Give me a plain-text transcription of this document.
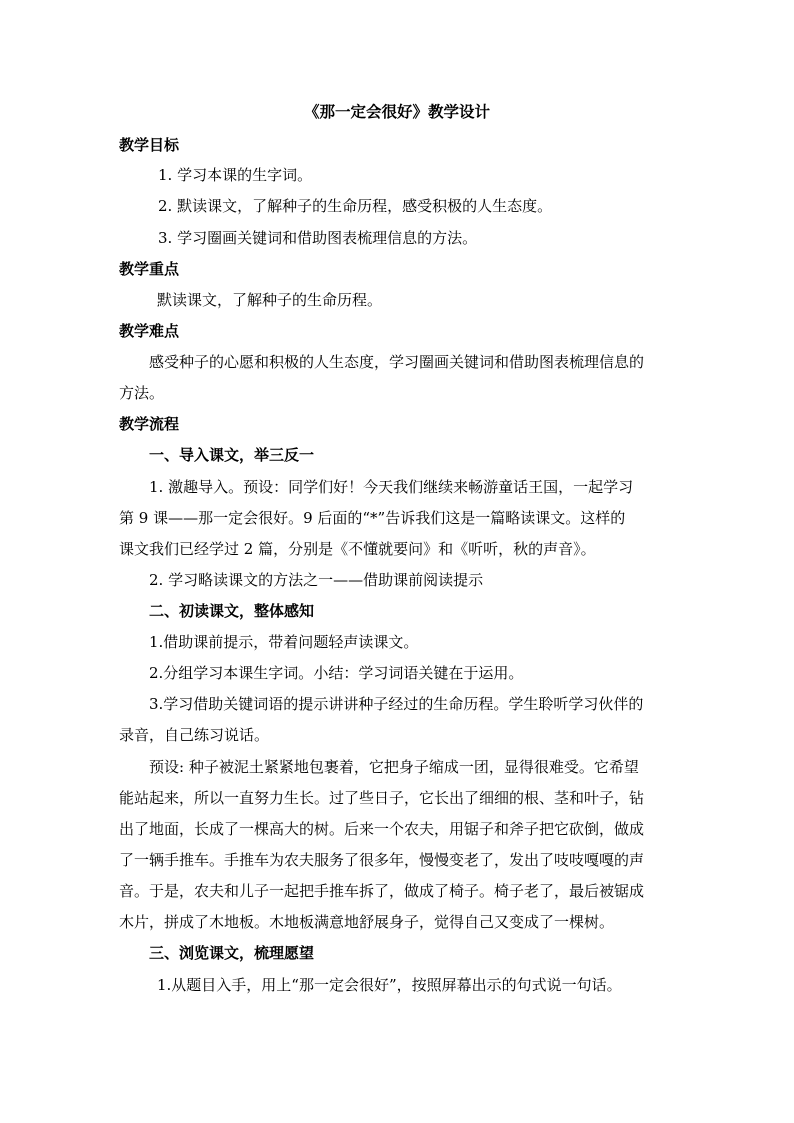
《那一定会很好》教学设计
教学目标
1. 学习本课的生字词。
2. 默读课文，了解种子的生命历程，感受积极的人生态度。
3. 学习圈画关键词和借助图表梳理信息的方法。
教学重点
默读课文，了解种子的生命历程。
教学难点
感受种子的心愿和积极的人生态度，学习圈画关键词和借助图表梳理信息的
方法。
教学流程
一、导入课文，举三反一
1. 激趣导入。预设：同学们好！今天我们继续来畅游童话王国，一起学习
第 9 课——那一定会很好。9 后面的“*”告诉我们这是一篇略读课文。这样的
课文我们已经学过 2 篇，分别是《不懂就要问》和《听听，秋的声音》。
2. 学习略读课文的方法之一——借助课前阅读提示
二、初读课文，整体感知
1.借助课前提示，带着问题轻声读课文。
2.分组学习本课生字词。小结：学习词语关键在于运用。
3.学习借助关键词语的提示讲讲种子经过的生命历程。学生聆听学习伙伴的
录音，自己练习说话。
预设: 种子被泥土紧紧地包裹着，它把身子缩成一团，显得很难受。它希望
能站起来，所以一直努力生长。过了些日子，它长出了细细的根、茎和叶子，钻
出了地面，长成了一棵高大的树。后来一个农夫，用锯子和斧子把它砍倒，做成
了一辆手推车。手推车为农夫服务了很多年，慢慢变老了，发出了吱吱嘎嘎的声
音。于是，农夫和儿子一起把手推车拆了，做成了椅子。椅子老了，最后被锯成
木片，拼成了木地板。木地板满意地舒展身子，觉得自己又变成了一棵树。
三、浏览课文，梳理愿望
1.从题目入手，用上“那一定会很好”，按照屏幕出示的句式说一句话。
